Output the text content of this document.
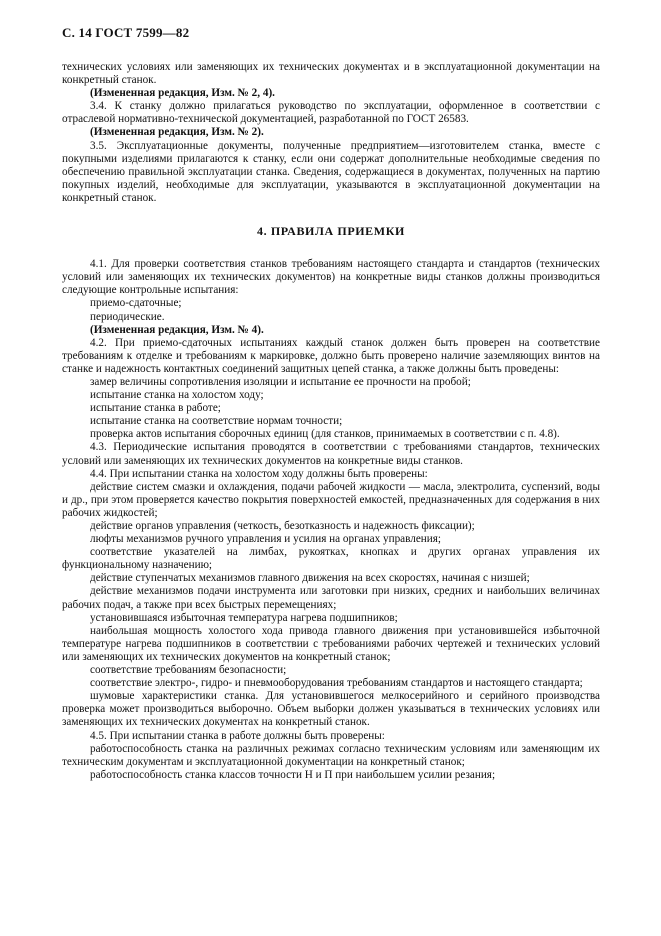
С. 14 ГОСТ 7599—82

технических условиях или заменяющих их технических документах и в эксплуатационной документации на конкретный станок.

(Измененная редакция, Изм. № 2, 4).

3.4. К станку должно прилагаться руководство по эксплуатации, оформленное в соответствии с отраслевой нормативно-технической документацией, разработанной по ГОСТ 26583.

(Измененная редакция, Изм. № 2).

3.5. Эксплуатационные документы, полученные предприятием—изготовителем станка, вместе с покупными изделиями прилагаются к станку, если они содержат дополнительные необходимые сведения по обеспечению правильной эксплуатации станка. Сведения, содержащиеся в документах, полученных на партию покупных изделий, необходимые для эксплуатации, указываются в эксплуатационной документации на конкретный станок.

4. ПРАВИЛА ПРИЕМКИ

4.1. Для проверки соответствия станков требованиям настоящего стандарта и стандартов (технических условий или заменяющих их технических документов) на конкретные виды станков должны производиться следующие контрольные испытания:

приемо-сдаточные;

периодические.

(Измененная редакция, Изм. № 4).

4.2. При приемо-сдаточных испытаниях каждый станок должен быть проверен на соответствие требованиям к отделке и требованиям к маркировке, должно быть проверено наличие заземляющих винтов на станке и надежность контактных соединений защитных цепей станка, а также должны быть проведены:

замер величины сопротивления изоляции и испытание ее прочности на пробой;

испытание станка на холостом ходу;

испытание станка в работе;

испытание станка на соответствие нормам точности;

проверка актов испытания сборочных единиц (для станков, принимаемых в соответствии с п. 4.8).

4.3. Периодические испытания проводятся в соответствии с требованиями стандартов, технических условий или заменяющих их технических документов на конкретные виды станков.

4.4. При испытании станка на холостом ходу должны быть проверены:

действие систем смазки и охлаждения, подачи рабочей жидкости — масла, электролита, суспензий, воды и др., при этом проверяется качество покрытия поверхностей емкостей, предназначенных для содержания в них рабочих жидкостей;

действие органов управления (четкость, безотказность и надежность фиксации);

люфты механизмов ручного управления и усилия на органах управления;

соответствие указателей на лимбах, рукоятках, кнопках и других органах управления их функциональному назначению;

действие ступенчатых механизмов главного движения на всех скоростях, начиная с низшей;

действие механизмов подачи инструмента или заготовки при низких, средних и наибольших величинах рабочих подач, а также при всех быстрых перемещениях;

установившаяся избыточная температура нагрева подшипников;

наибольшая мощность холостого хода привода главного движения при установившейся избыточной температуре нагрева подшипников в соответствии с требованиями рабочих чертежей и технических условий или заменяющих их технических документов на конкретный станок;

соответствие требованиям безопасности;

соответствие электро-, гидро- и пневмооборудования требованиям стандартов и настоящего стандарта;

шумовые характеристики станка. Для установившегося мелкосерийного и серийного производства проверка может производиться выборочно. Объем выборки должен указываться в технических условиях или заменяющих их технических документах на конкретный станок.

4.5. При испытании станка в работе должны быть проверены:

работоспособность станка на различных режимах согласно техническим условиям или заменяющим их техническим документам и эксплуатационной документации на конкретный станок;

работоспособность станка классов точности Н и П при наибольшем усилии резания;
